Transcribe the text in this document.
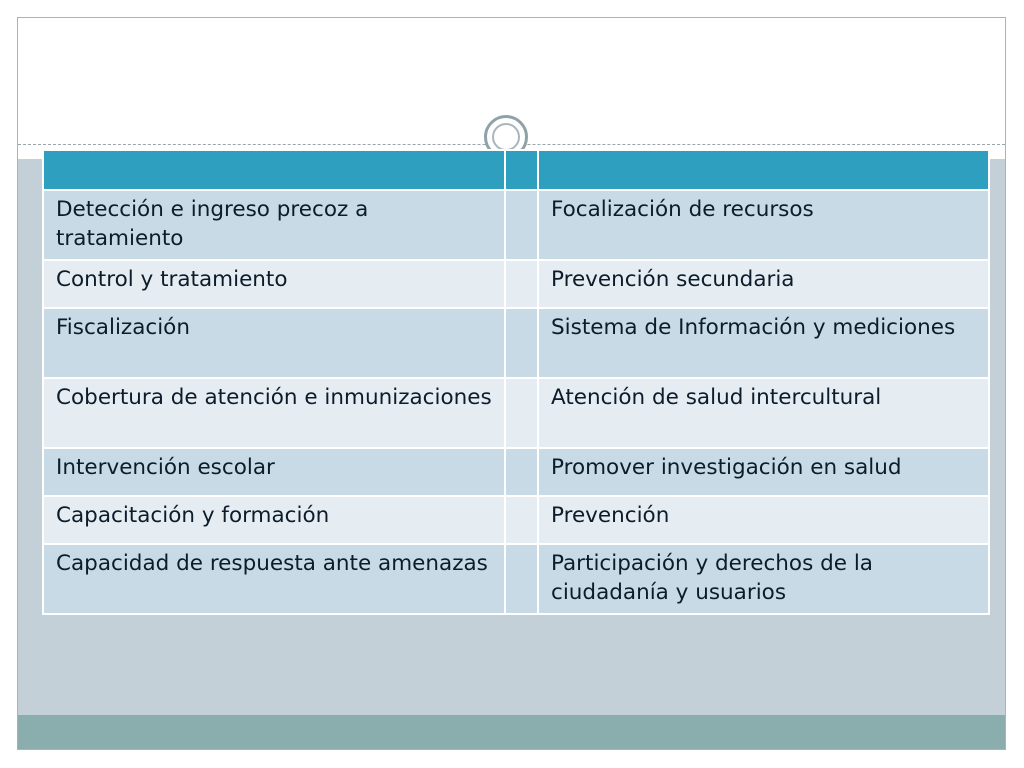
Detección e ingreso precoz a tratamiento		Focalización de recursos
Control y tratamiento		Prevención secundaria
Fiscalización		Sistema de Información y mediciones
Cobertura de atención e inmunizaciones		Atención de salud intercultural
Intervención escolar		Promover investigación en salud
Capacitación y formación		Prevención
Capacidad de respuesta ante amenazas		Participación y derechos de la ciudadanía y usuarios
